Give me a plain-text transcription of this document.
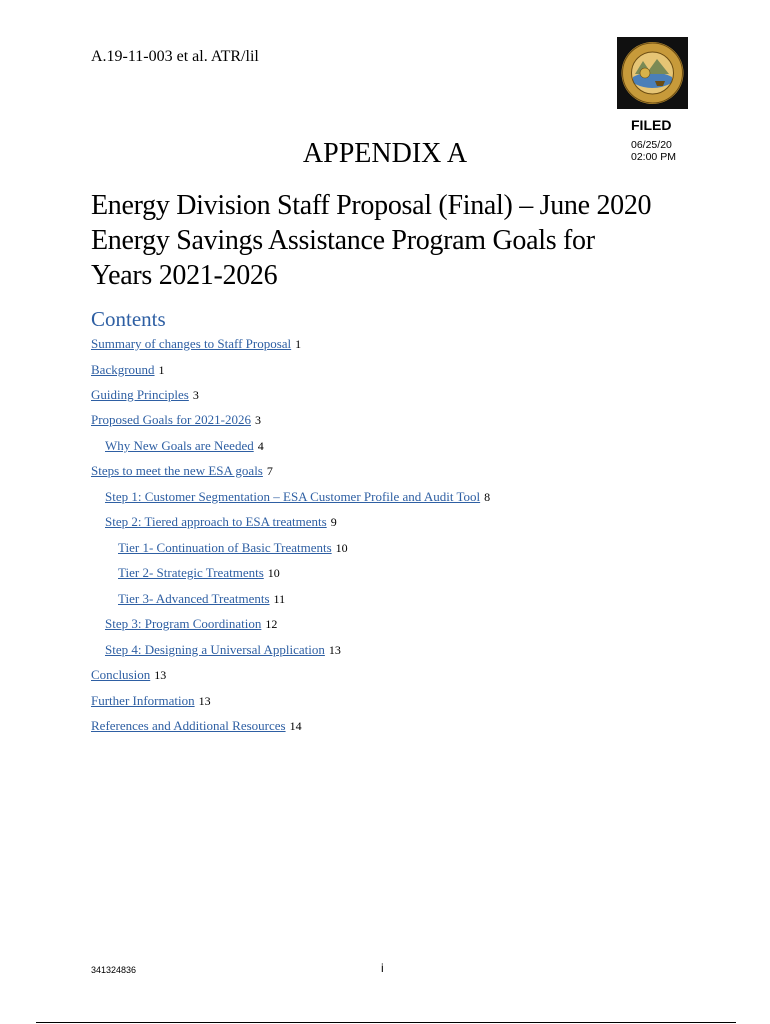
A.19-11-003 et al. ATR/lil
FILED
06/25/20
02:00 PM
APPENDIX A
Energy Division Staff Proposal (Final) – June 2020
Energy Savings Assistance Program Goals for
Years 2021-2026
Contents
Summary of changes to Staff Proposal 1
Background 1
Guiding Principles 3
Proposed Goals for 2021-2026 3
Why New Goals are Needed 4
Steps to meet the new ESA goals 7
Step 1: Customer Segmentation – ESA Customer Profile and Audit Tool 8
Step 2: Tiered approach to ESA treatments 9
Tier 1- Continuation of Basic Treatments 10
Tier 2- Strategic Treatments 10
Tier 3- Advanced Treatments 11
Step 3: Program Coordination 12
Step 4: Designing a Universal Application 13
Conclusion 13
Further Information 13
References and Additional Resources 14
341324836	i
